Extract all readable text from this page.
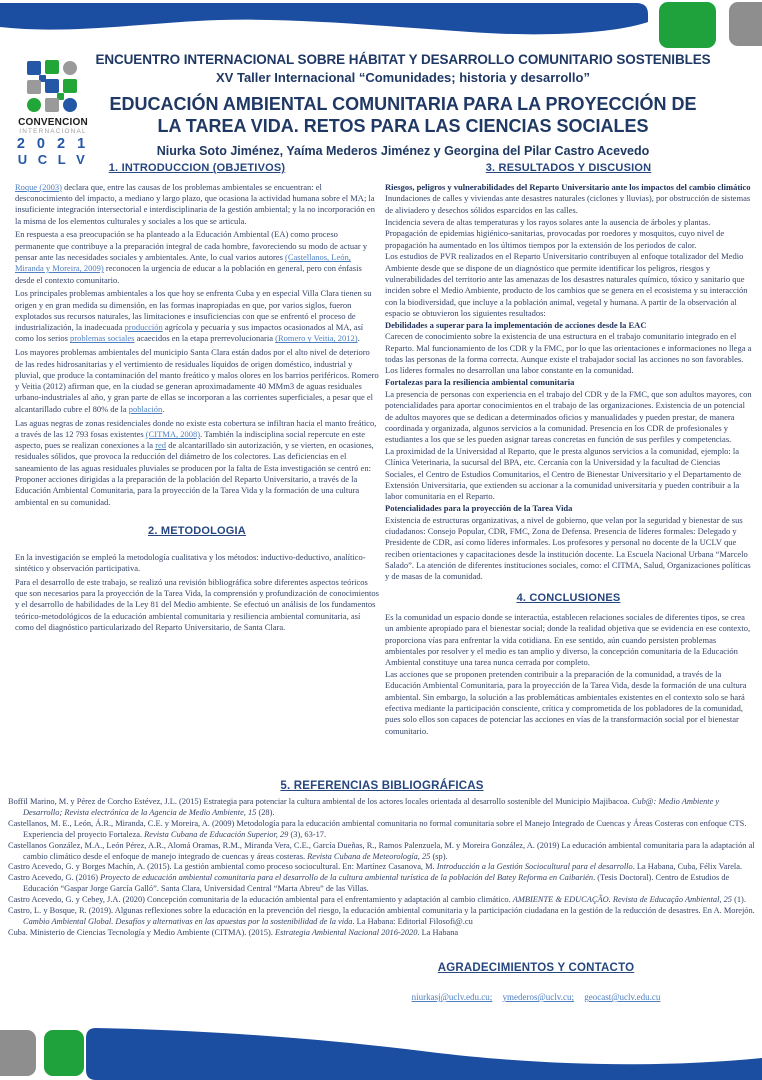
CONVENCION
INTERNACIONAL
2 0 2 1
U C L V
ENCUENTRO INTERNACIONAL SOBRE HÁBITAT Y DESARROLLO COMUNITARIO SOSTENIBLES
XV Taller Internacional “Comunidades; historia y desarrollo”
EDUCACIÓN AMBIENTAL COMUNITARIA PARA LA PROYECCIÓN DE
LA TAREA VIDA. RETOS PARA LAS CIENCIAS SOCIALES
Niurka Soto Jiménez, Yaíma Mederos Jiménez y Georgina del Pilar Castro Acevedo
1. INTRODUCCION (OBJETIVOS)
Roque (2003) declara que, entre las causas de los problemas ambientales se encuentran: el desconocimiento del impacto, a mediano y largo plazo, que ocasiona la actividad humana sobre el MA; la insuficiente integración intersectorial e interdisciplinaria de la gestión ambiental; y la no incorporación en la misma de los elementos culturales y sociales a los que se articula.
En respuesta a esa preocupación se ha planteado a la Educación Ambiental (EA) como proceso permanente que contribuye a la preparación integral de cada hombre, favoreciendo su modo de actuar y pensar ante las necesidades sociales y ambientales. Ante, lo cual varios autores (Castellanos, León, Miranda y Moreira, 2009) reconocen la urgencia de educar a la población en general, pero con énfasis desde el contexto comunitario.
Los principales problemas ambientales a los que hoy se enfrenta Cuba y en especial Villa Clara tienen su origen y en gran medida su dimensión, en las formas inapropiadas en que, por varios siglos, fueron explotados sus recursos naturales, las limitaciones e insuficiencias con que se enfrentó el proceso de industrialización, la inadecuada producción agrícola y pecuaria y sus impactos ocasionados al MA, así como los serios problemas sociales acaecidos en la etapa prerrevolucionaria (Romero y Veitia, 2012).
Los mayores problemas ambientales del municipio Santa Clara están dados por el alto nivel de deterioro de las redes hidrosanitarias y el vertimiento de residuales líquidos de origen doméstico, industrial y pluvial, que produce la contaminación del manto freático y malos olores en los barrios periféricos. Romero y Veitia (2012) afirman que, en la ciudad se generan aproximadamente 40 MMm3 de aguas residuales urbano-industriales al año, y gran parte de ellas se incorporan a las corrientes superficiales, a pesar que el alcantarillado cubre el 80% de la población.
Las aguas negras de zonas residenciales donde no existe esta cobertura se infiltran hacia el manto freático, a través de las 12 793 fosas existentes (CITMA, 2008). También la indisciplina social repercute en este aspecto, pues se realizan conexiones a la red de alcantarillado sin autorización, y se vierten, en ocasiones, residuales sólidos, que provoca la reducción del diámetro de los colectores. Las deficiencias en el saneamiento de las aguas residuales pluviales se producen por la falta de Esta investigación se centró en: Proponer acciones dirigidas a la preparación de la población del Reparto Universitario, a través de la Educación Ambiental Comunitaria, para la proyección de la Tarea Vida y la formación de una cultura ambiental en su comunidad.
2. METODOLOGIA
En la investigación se empleó la metodología cualitativa y los métodos: inductivo-deductivo, analítico-sintético y observación participativa.
Para el desarrollo de este trabajo, se realizó una revisión bibliográfica sobre diferentes aspectos teóricos que son necesarios para la proyección de la Tarea Vida, la comprensión y profundización de conocimientos y el desarrollo de habilidades de la Ley 81 del Medio ambiente. Se efectuó un análisis de los fundamentos teórico-metodológicos de la educación ambiental comunitaria y resiliencia ambiental comunitaria, así como del diagnóstico particularizado del Reparto Universitario, de Santa Clara.
3. RESULTADOS Y DISCUSION
Riesgos, peligros y vulnerabilidades del Reparto Universitario ante los impactos del cambio climático
Inundaciones de calles y viviendas ante desastres naturales (ciclones y lluvias), por obstrucción de sistemas de aliviadero y desechos sólidos esparcidos en las calles.
Incidencia severa de altas temperaturas y los rayos solares ante la ausencia de árboles y plantas.
Propagación de epidemias higiénico-sanitarias, provocadas por roedores y mosquitos, cuyo nivel de propagación ha aumentado en los últimos tiempos por la extensión de los periodos de calor.
Los estudios de PVR realizados en el Reparto Universitario contribuyen al enfoque totalizador del Medio Ambiente desde que se dispone de un diagnóstico que permite identificar los peligros, riesgos y vulnerabilidades del territorio ante las amenazas de los desastres naturales químico, tóxico y sanitario que inciden sobre el Medio Ambiente, producto de los cambios que se genera en el ecosistema y su interacción con la biodiversidad, que incluye a la población animal, vegetal y humana. A partir de la observación al espacio se obtuvieron los siguientes resultados:
Debilidades a superar para la implementación de acciones desde la EAC
Carecen de conocimiento sobre la existencia de una estructura en el trabajo comunitario integrado en el Reparto. Mal funcionamiento de los CDR y la FMC, por lo que las orientaciones e informaciones no llega a todas las personas de la forma correcta. Aunque existe el trabajador social las acciones no son favorables. Los líderes formales no desarrollan una labor constante en la comunidad.
Fortalezas para la resiliencia ambiental comunitaria
La presencia de personas con experiencia en el trabajo del CDR y de la FMC, que son adultos mayores, con potencialidades para aportar conocimientos en el trabajo de las organizaciones. Existencia de un potencial de adultos mayores que se dedican a determinados oficios y manualidades y pueden prestar, de manera coordinada y organizada, algunos servicios a la comunidad. Presencia en los CDR de profesionales y estudiantes a los que se les pueden asignar tareas concretas en función de sus perfiles y competencias.
La proximidad de la Universidad al Reparto, que le presta algunos servicios a la comunidad, ejemplo: la Clínica Veterinaria, la sucursal del BPA, etc. Cercanía con la Universidad y la facultad de Ciencias Sociales, el Centro de Estudios Comunitarios, el Centro de Bienestar Universitario y el Departamento de Extensión Universitaria, que extienden su accionar a la comunidad universitaria y pueden contribuir a la labor comunitaria en el Reparto.
Potencialidades para la proyección de la Tarea Vida
Existencia de estructuras organizativas, a nivel de gobierno, que velan por la seguridad y bienestar de sus ciudadanos: Consejo Popular, CDR, FMC, Zona de Defensa. Presencia de líderes formales: Delegado y Presidente de CDR, así como líderes informales. Los profesores y personal no docente de la UCLV que reciben orientaciones y capacitaciones desde la institución docente. La Escuela Nacional Urbana “Marcelo Salado”. La atención de diferentes instituciones sociales, como: el CITMA, Salud, Organizaciones políticas y de masas de la comunidad.
4. CONCLUSIONES
Es la comunidad un espacio donde se interactúa, establecen relaciones sociales de diferentes tipos, se crea un ambiente apropiado para el bienestar social; donde la realidad objetiva que se evidencia en ese contexto, proporciona vías para enfrentar la vida cotidiana. En ese sentido, aún cuando persisten problemas ambientales por resolver y el medio es tan amplio y diverso, la concepción comunitaria de la Educación Ambiental constituye una tarea nunca cerrada por completo.
Las acciones que se proponen pretenden contribuir a la preparación de la comunidad, a través de la Educación Ambiental Comunitaria, para la proyección de la Tarea Vida, desde la formación de una cultura ambiental. Sin embargo, la solución a las problemáticas ambientales existentes en el contexto solo se hará efectiva mediante la participación consciente, crítica y comprometida de los pobladores de la comunidad, pues solo ellos son capaces de potenciar las acciones en vías de la transformación social por el bienestar comunitario.
5. REFERENCIAS BIBLIOGRÁFICAS
Boffil Marino, M. y Pérez de Corcho Estévez, J.L. (2015) Estrategia para potenciar la cultura ambiental de los actores locales orientada al desarrollo sostenible del Municipio Majibacoa. Cub@: Medio Ambiente y Desarrollo; Revista electrónica de la Agencia de Medio Ambiente, 15 (28).
Castellanos, M. E., León, Á.R., Miranda, C.E. y Moreira, A. (2009) Metodología para la educación ambiental comunitaria no formal comunitaria sobre el Manejo Integrado de Cuencas y Áreas Costeras con enfoque CTS. Experiencia del proyecto Fortaleza. Revista Cubana de Educación Superior, 29 (3), 63-17.
Castellanos González, M.A., León Pérez, A.R., Alomá Oramas, R.M., Miranda Vera, C.E., García Dueñas, R., Ramos Palenzuela, M. y Moreira González, A. (2019) La educación ambiental comunitaria para la adaptación al cambio climático desde el enfoque de manejo integrado de cuencas y áreas costeras. Revista Cubana de Meteorología, 25 (sp).
Castro Acevedo, G. y Borges Machín, A. (2015). La gestión ambiental como proceso sociocultural. En: Martínez Casanova, M. Introducción a la Gestión Sociocultural para el desarrollo. La Habana, Cuba, Félix Varela.
Castro Acevedo, G. (2016) Proyecto de educación ambiental comunitaria para el desarrollo de la cultura ambiental turística de la población del Batey Reforma en Caibarién. (Tesis Doctoral). Centro de Estudios de Educación “Gaspar Jorge García Galló”. Santa Clara, Universidad Central “Marta Abreu” de las Villas.
Castro Acevedo, G. y Cebey, J.A. (2020) Concepción comunitaria de la educación ambiental para el enfrentamiento y adaptación al cambio climático. AMBIENTE & EDUCAÇÃO. Revista de Educação Ambiental, 25 (1).
Castro, L. y Bosque, R. (2019). Algunas reflexiones sobre la educación en la prevención del riesgo, la educación ambiental comunitaria y la participación ciudadana en la gestión de la reducción de desastres. En A. Morejón. Cambio Ambiental Global. Desafíos y alternativas en las apuestas por la sostenibilidad de la vida. La Habana: Editorial Filosofi@.cu
Cuba. Ministerio de Ciencias Tecnología y Medio Ambiente (CITMA). (2015). Estrategia Ambiental Nacional 2016-2020. La Habana
AGRADECIMIENTOS Y CONTACTO
niurkasj@uclv.edu.cu; ymederos@uclv.cu; geocast@uclv.edu.cu
